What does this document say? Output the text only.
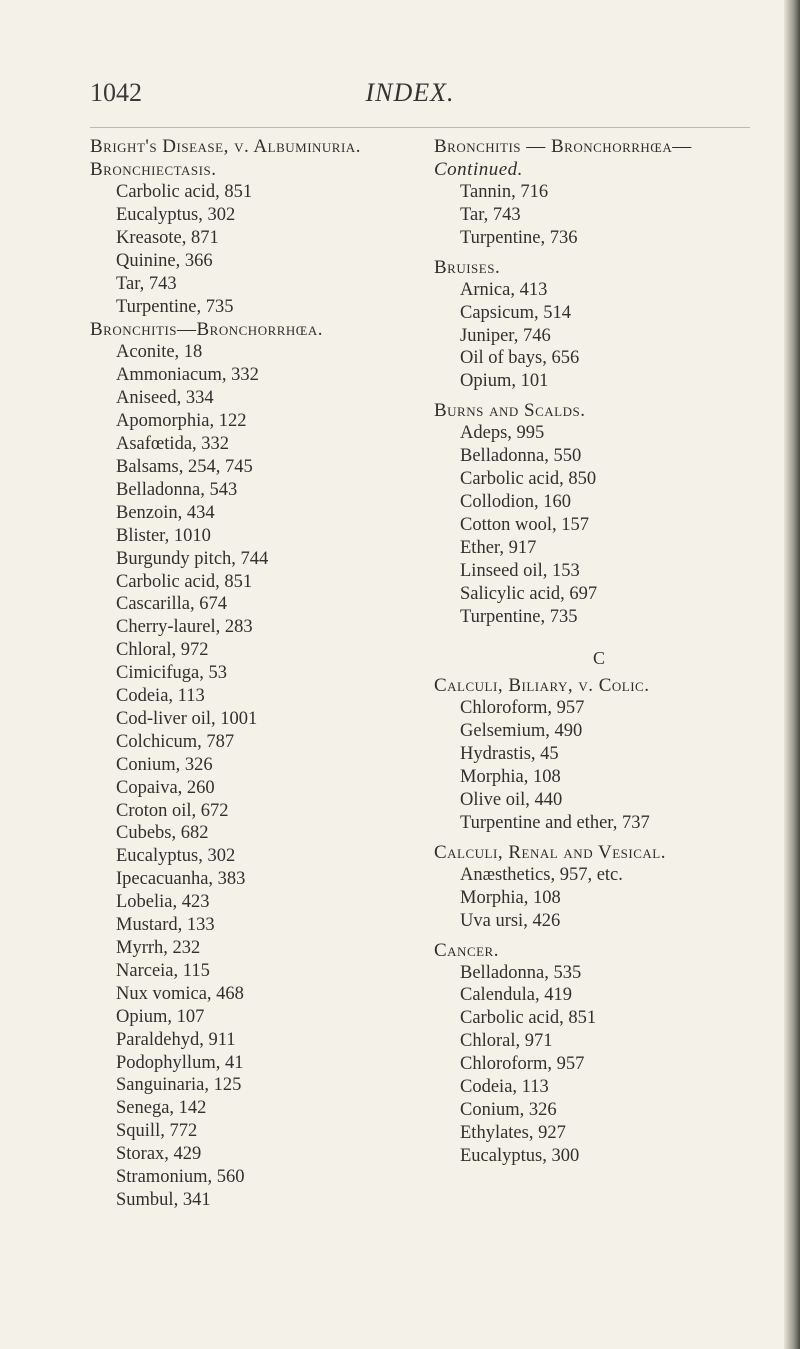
1042	INDEX.

Bright's Disease, v. Albuminuria.

Bronchiectasis.

Carbolic acid, 851

Eucalyptus, 302

Kreasote, 871

Quinine, 366

Tar, 743

Turpentine, 735

Bronchitis—Bronchorrhœa.

Aconite, 18

Ammoniacum, 332

Aniseed, 334

Apomorphia, 122

Asafœtida, 332

Balsams, 254, 745

Belladonna, 543

Benzoin, 434

Blister, 1010

Burgundy pitch, 744

Carbolic acid, 851

Cascarilla, 674

Cherry-laurel, 283

Chloral, 972

Cimicifuga, 53

Codeia, 113

Cod-liver oil, 1001

Colchicum, 787

Conium, 326

Copaiva, 260

Croton oil, 672

Cubebs, 682

Eucalyptus, 302

Ipecacuanha, 383

Lobelia, 423

Mustard, 133

Myrrh, 232

Narceia, 115

Nux vomica, 468

Opium, 107

Paraldehyd, 911

Podophyllum, 41

Sanguinaria, 125

Senega, 142

Squill, 772

Storax, 429

Stramonium, 560

Sumbul, 341

Bronchitis — Bronchorrhœa—

Continued.

Tannin, 716

Tar, 743

Turpentine, 736

Bruises.

Arnica, 413

Capsicum, 514

Juniper, 746

Oil of bays, 656

Opium, 101

Burns and Scalds.

Adeps, 995

Belladonna, 550

Carbolic acid, 850

Collodion, 160

Cotton wool, 157

Ether, 917

Linseed oil, 153

Salicylic acid, 697

Turpentine, 735

C

Calculi, Biliary, v. Colic.

Chloroform, 957

Gelsemium, 490

Hydrastis, 45

Morphia, 108

Olive oil, 440

Turpentine and ether, 737

Calculi, Renal and Vesical.

Anæsthetics, 957, etc.

Morphia, 108

Uva ursi, 426

Cancer.

Belladonna, 535

Calendula, 419

Carbolic acid, 851

Chloral, 971

Chloroform, 957

Codeia, 113

Conium, 326

Ethylates, 927

Eucalyptus, 300
